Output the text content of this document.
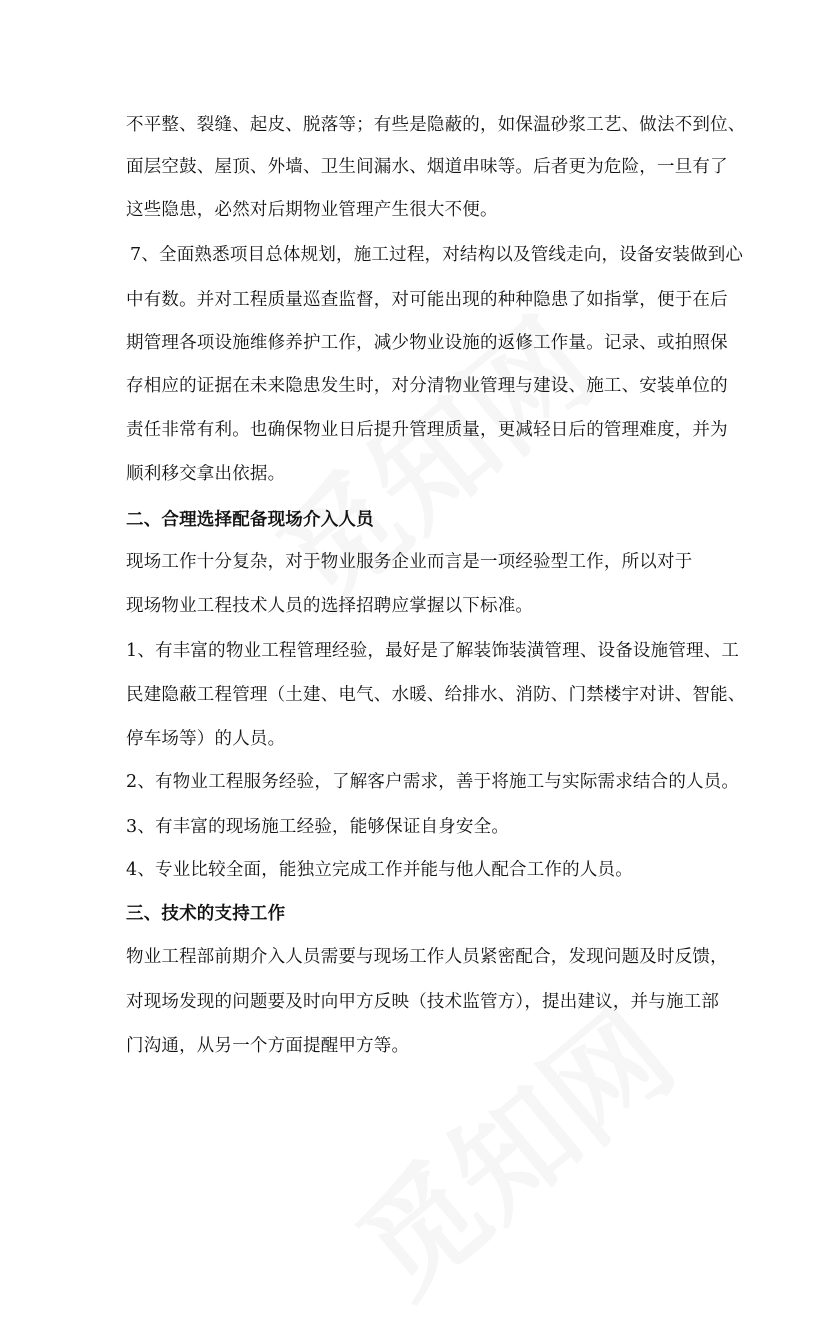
不平整、裂缝、起皮、脱落等；有些是隐蔽的，如保温砂浆工艺、做法不到位、
面层空鼓、屋顶、外墙、卫生间漏水、烟道串味等。后者更为危险，一旦有了
这些隐患，必然对后期物业管理产生很大不便。
7、全面熟悉项目总体规划，施工过程，对结构以及管线走向，设备安装做到心
中有数。并对工程质量巡查监督，对可能出现的种种隐患了如指掌，便于在后
期管理各项设施维修养护工作，减少物业设施的返修工作量。记录、或拍照保
存相应的证据在未来隐患发生时，对分清物业管理与建设、施工、安装单位的
责任非常有利。也确保物业日后提升管理质量，更减轻日后的管理难度，并为
顺利移交拿出依据。
二、合理选择配备现场介入人员
现场工作十分复杂，对于物业服务企业而言是一项经验型工作，所以对于
现场物业工程技术人员的选择招聘应掌握以下标准。
1、有丰富的物业工程管理经验，最好是了解装饰装潢管理、设备设施管理、工
民建隐蔽工程管理（土建、电气、水暖、给排水、消防、门禁楼宇对讲、智能、
停车场等）的人员。
2、有物业工程服务经验，了解客户需求，善于将施工与实际需求结合的人员。
3、有丰富的现场施工经验，能够保证自身安全。
4、专业比较全面，能独立完成工作并能与他人配合工作的人员。
三、技术的支持工作
物业工程部前期介入人员需要与现场工作人员紧密配合，发现问题及时反馈，
对现场发现的问题要及时向甲方反映（技术监管方），提出建议，并与施工部
门沟通，从另一个方面提醒甲方等。
